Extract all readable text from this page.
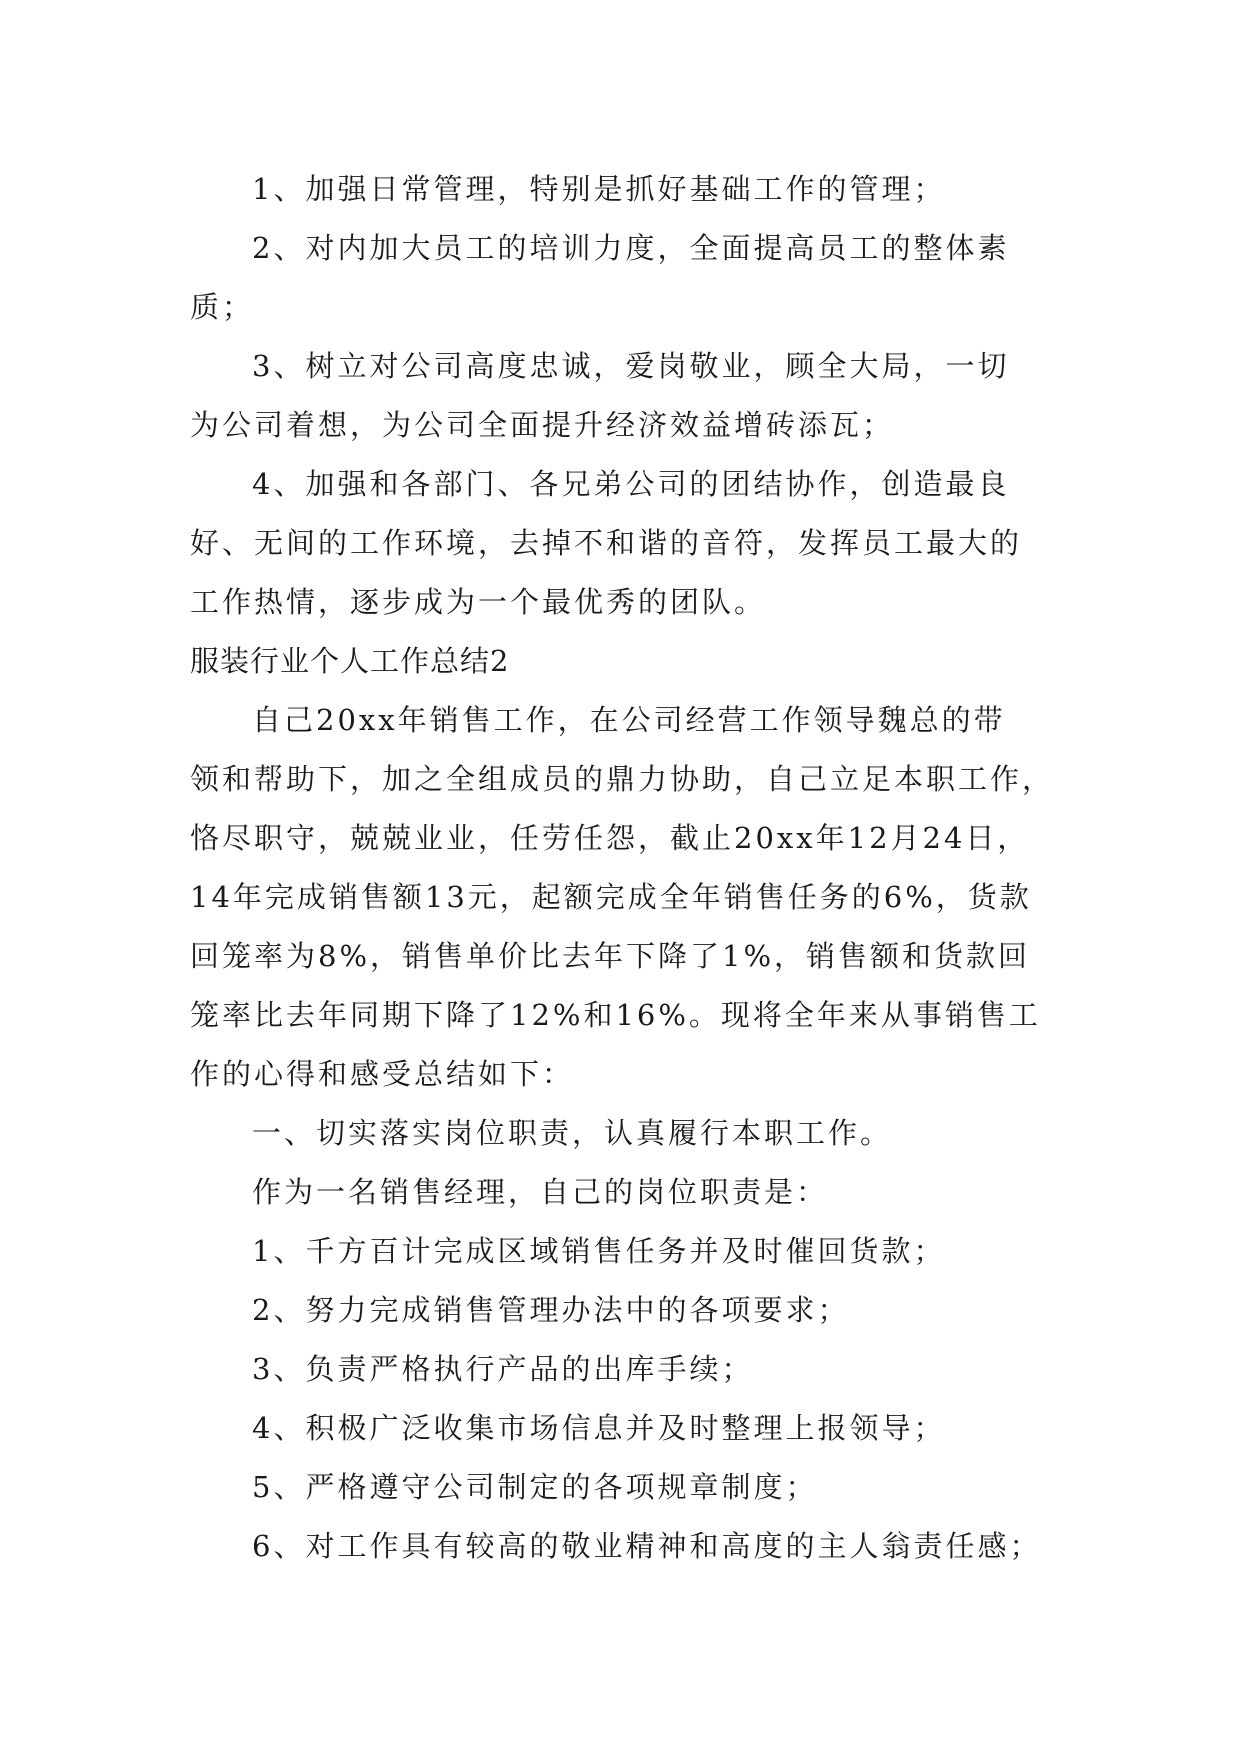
1、加强日常管理，特别是抓好基础工作的管理；

2、对内加大员工的培训力度，全面提高员工的整体素

质；

3、树立对公司高度忠诚，爱岗敬业，顾全大局，一切

为公司着想，为公司全面提升经济效益增砖添瓦；

4、加强和各部门、各兄弟公司的团结协作，创造最良

好、无间的工作环境，去掉不和谐的音符，发挥员工最大的

工作热情，逐步成为一个最优秀的团队。

服装行业个人工作总结2

自己20xx年销售工作，在公司经营工作领导魏总的带

领和帮助下，加之全组成员的鼎力协助，自己立足本职工作，

恪尽职守，兢兢业业，任劳任怨，截止20xx年12月24日，

14年完成销售额13元，起额完成全年销售任务的6%，货款

回笼率为8%，销售单价比去年下降了1%，销售额和货款回

笼率比去年同期下降了12%和16%。现将全年来从事销售工

作的心得和感受总结如下：

一、切实落实岗位职责，认真履行本职工作。

作为一名销售经理，自己的岗位职责是：

1、千方百计完成区域销售任务并及时催回货款；

2、努力完成销售管理办法中的各项要求；

3、负责严格执行产品的出库手续；

4、积极广泛收集市场信息并及时整理上报领导；

5、严格遵守公司制定的各项规章制度；

6、对工作具有较高的敬业精神和高度的主人翁责任感；
